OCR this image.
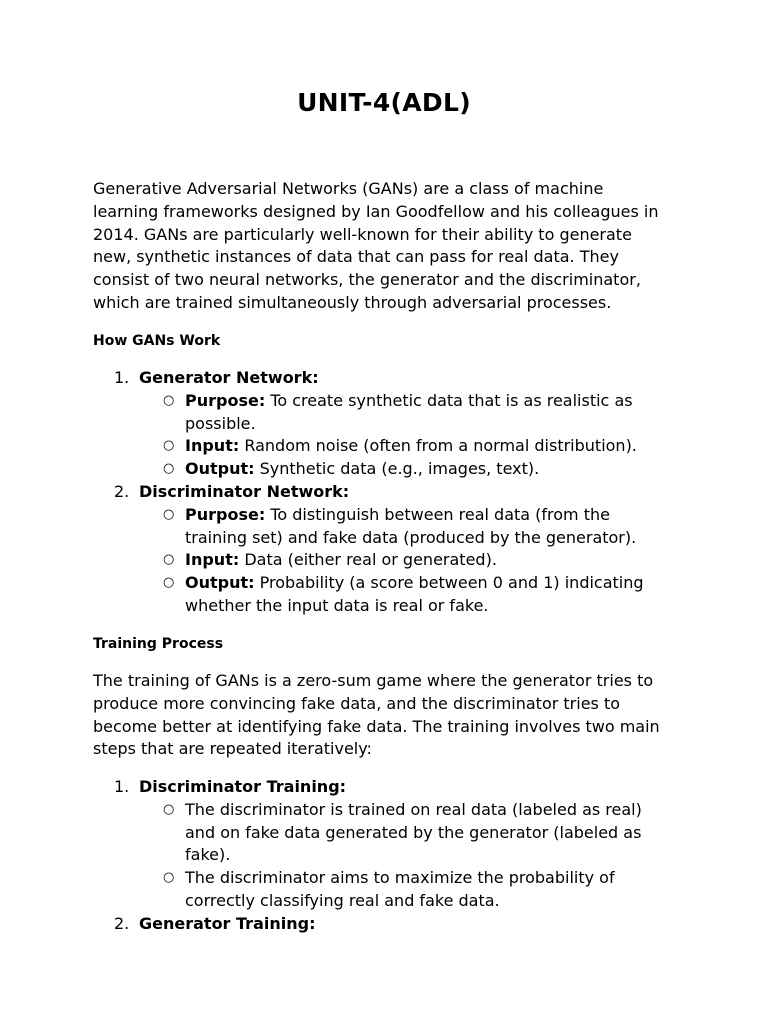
UNIT-4(ADL)

Generative Adversarial Networks (GANs) are a class of machine
learning frameworks designed by Ian Goodfellow and his colleagues in
2014. GANs are particularly well-known for their ability to generate
new, synthetic instances of data that can pass for real data. They
consist of two neural networks, the generator and the discriminator,
which are trained simultaneously through adversarial processes.

How GANs Work
1. Generator Network:
○ Purpose: To create synthetic data that is as realistic as
possible.
○ Input: Random noise (often from a normal distribution).
○ Output: Synthetic data (e.g., images, text).
2. Discriminator Network:
○ Purpose: To distinguish between real data (from the
training set) and fake data (produced by the generator).
○ Input: Data (either real or generated).
○ Output: Probability (a score between 0 and 1) indicating
whether the input data is real or fake.
Training Process

The training of GANs is a zero-sum game where the generator tries to
produce more convincing fake data, and the discriminator tries to
become better at identifying fake data. The training involves two main
steps that are repeated iteratively:

1. Discriminator Training:
○ The discriminator is trained on real data (labeled as real)
and on fake data generated by the generator (labeled as
fake).
○ The discriminator aims to maximize the probability of
correctly classifying real and fake data.
2. Generator Training:
